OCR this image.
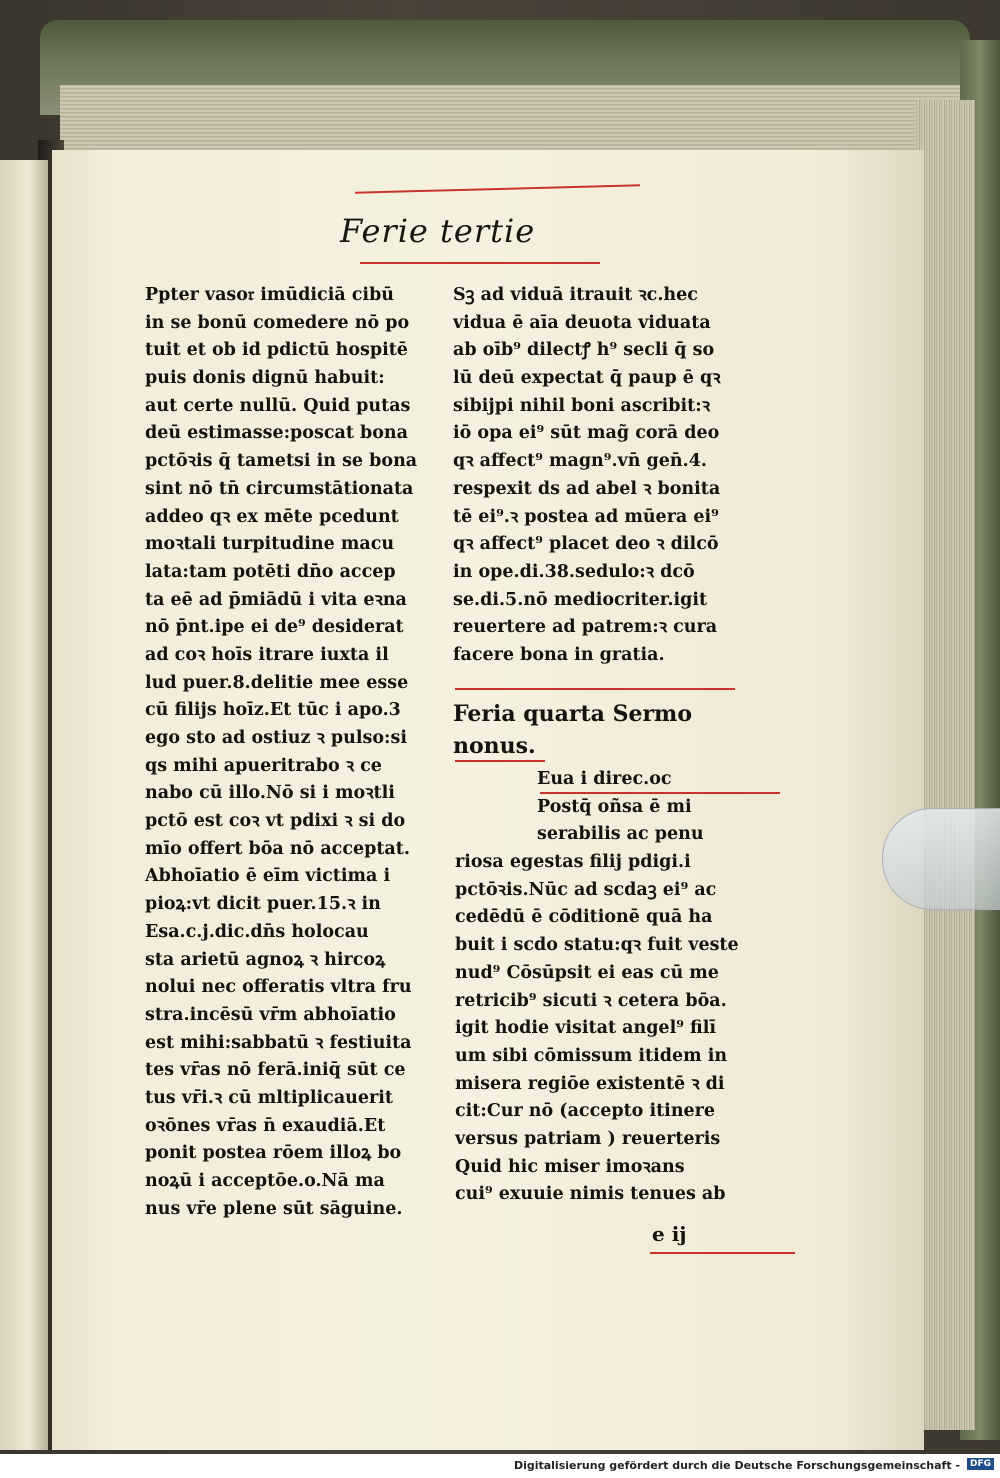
Ferie tertie
Ppter vaso𝔯 imūdiciā cibū
in se bonū comedere nō po
tuit et ob id pdictū hospitē
puis donis dignū habuit:
aut certe nullū. Quid putas
deū estimasse:poscat bona
pctōꝛis q̄ tametsi in se bona
sint nō tn̄ circumstātionata
addeo qꝛ ex mēte pcedunt
moꝛtali turpitudine macu
lata:tam potēti dn̄o accep
ta eē ad p̄miādū i vita eꝛna
nō p̄nt.ipe ei de⁹ desiderat
ad coꝛ hoīs itrare iuxta il
lud puer.8.delitie mee esse
cū filijs hoīz.Et tūc i apo.3
ego sto ad ostiuz ꝛ pulso:si
qs mihi apueritrabo ꝛ ce
nabo cū illo.Nō si i moꝛtli
pctō est coꝛ vt pdixi ꝛ si do
mīo offert bōa nō acceptat.
Abhoīatio ē eīm victima i
pioꝝ:vt dicit puer.15.ꝛ in
Esa.c.j.dic.dn̄s holocau
sta arietū agnoꝝ ꝛ hircoꝝ
nolui nec offeratis vltra fru
stra.incēsū vr̄m abhoīatio
est mihi:sabbatū ꝛ festiuita
tes vr̄as nō ferā.iniq̄ sūt ce
tus vr̄i.ꝛ cū mltiplicauerit
oꝛōnes vr̄as n̄ exaudiā.Et
ponit postea rōem illoꝝ bo
noꝝū i acceptōe.o.Nā ma
nus vr̄e plene sūt sāguine.
Sꝫ ad viduā itrauit ꝛc.hec
vidua ē aīa deuota viduata
ab oīb⁹ dilectꝭ h⁹ secli q̄ so
lū deū expectat q̄ paup ē qꝛ
sibijpi nihil boni ascribit:ꝛ
iō opa ei⁹ sūt mag̃ corā deo
qꝛ affect⁹ magn⁹.vn̄ gen̄.4.
respexit ds ad abel ꝛ bonita
tē ei⁹.ꝛ postea ad mūera ei⁹
qꝛ affect⁹ placet deo ꝛ dilcō
in ope.di.38.sedulo:ꝛ dcō
se.di.5.nō mediocriter.igit
reuertere ad patrem:ꝛ cura
facere bona in gratia.
Feria quarta Sermo
nonus.
Eua i direc.oc
Postq̄ oñsa ē mi
serabilis ac penu
riosa egestas filij pdigi.i
pctōꝛis.Nūc ad scdaꝫ ei⁹ ac
cedēdū ē cōditionē quā ha
buit i scdo statu:qꝛ fuit veste
nud⁹ Cōsūpsit ei eas cū me
retricib⁹ sicuti ꝛ cetera bōa.
igit hodie visitat angel⁹ filī
um sibi cōmissum itidem in
misera regiōe existentē ꝛ di
cit:Cur nō (accepto itinere
versus patriam ) reuerteris
Quid hic miser imoꝛans
cui⁹ exuuie nimis tenues ab
e ij
Digitalisierung gefördert durch die Deutsche Forschungsgemeinschaft -	DFG
